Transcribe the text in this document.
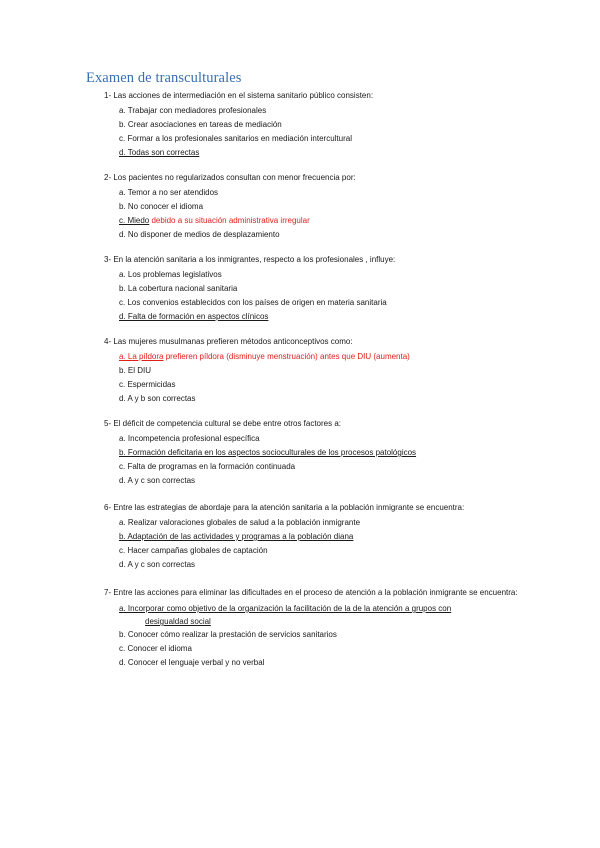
Examen de transculturales
1- Las acciones de intermediación en el sistema sanitario público consisten:
a. Trabajar con mediadores profesionales
b. Crear asociaciones en tareas de mediación
c. Formar a los profesionales sanitarios en mediación intercultural
d. Todas son correctas
2- Los pacientes no regularizados consultan con menor frecuencia por:
a. Temor a no ser atendidos
b. No conocer el idioma
c. Miedo debido a su situación administrativa irregular
d. No disponer de medios de desplazamiento
3- En la atención sanitaria a los inmigrantes, respecto a los profesionales , influye:
a. Los problemas legislativos
b. La cobertura nacional sanitaria
c. Los convenios establecidos con los países de origen en materia sanitaria
d. Falta de formación en aspectos clínicos
4- Las mujeres musulmanas prefieren métodos anticonceptivos como:
a. La píldora prefieren píldora (disminuye menstruación) antes que DIU (aumenta)
b. El DIU
c. Espermicidas
d. A y b son correctas
5- El déficit de competencia cultural se debe entre otros factores a:
a. Incompetencia profesional específica
b. Formación deficitaria en los aspectos socioculturales de los procesos patológicos
c. Falta de programas en la formación continuada
d. A y c son correctas
6- Entre las estrategias de abordaje para la atención sanitaria a la población inmigrante se encuentra:
a. Realizar valoraciones globales de salud a la población inmigrante
b. Adaptación de las actividades y programas a la población diana
c. Hacer campañas globales de captación
d. A y c son correctas
7- Entre las acciones para eliminar las dificultades en el proceso de atención a la población inmigrante se encuentra:
a. Incorporar como objetivo de la organización la facilitación de la de la atención a grupos con
desigualdad social
b. Conocer cómo realizar la prestación de servicios sanitarios
c. Conocer el idioma
d. Conocer el lenguaje verbal y no verbal
